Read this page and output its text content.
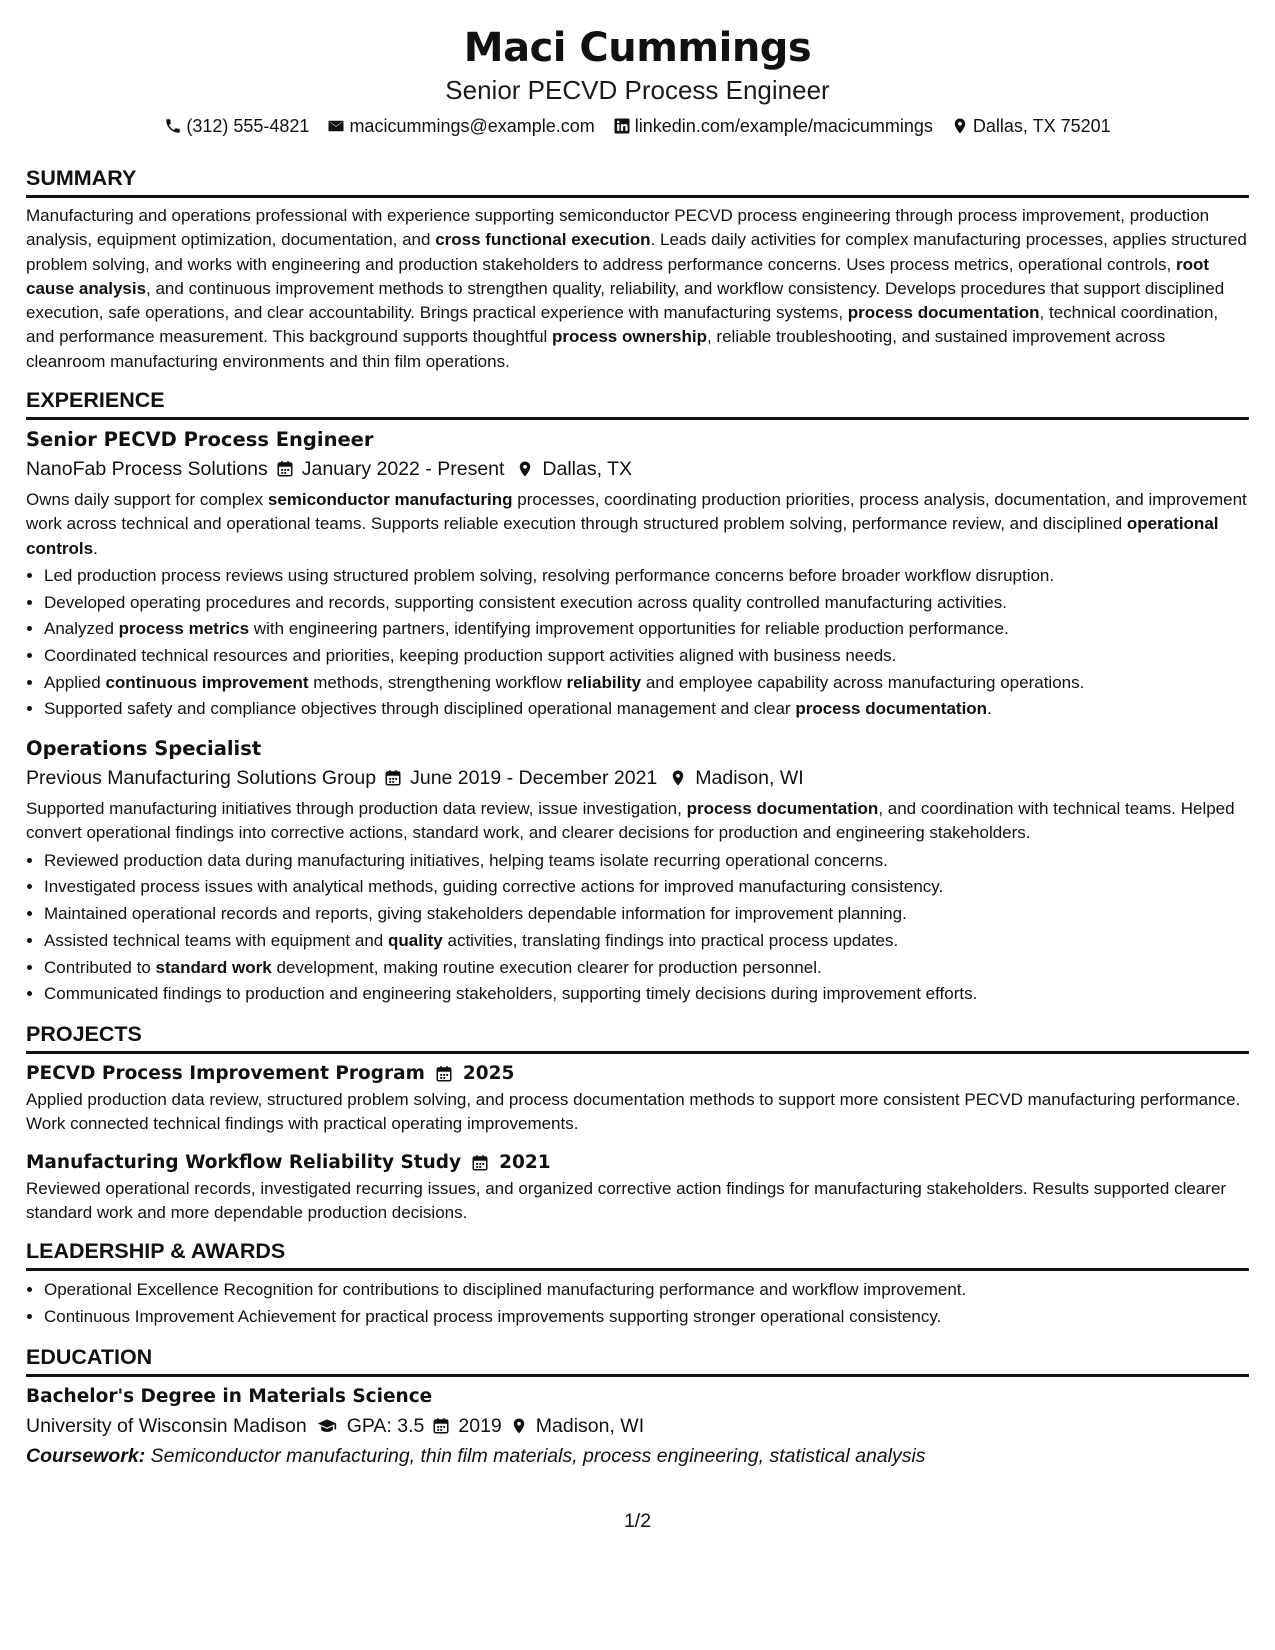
Maci Cummings
Senior PECVD Process Engineer
(312) 555-4821 macicummings@example.com linkedin.com/example/macicummings Dallas, TX 75201
SUMMARY
Manufacturing and operations professional with experience supporting semiconductor PECVD process engineering through process improvement, production analysis, equipment optimization, documentation, and cross functional execution. Leads daily activities for complex manufacturing processes, applies structured problem solving, and works with engineering and production stakeholders to address performance concerns. Uses process metrics, operational controls, root cause analysis, and continuous improvement methods to strengthen quality, reliability, and workflow consistency. Develops procedures that support disciplined execution, safe operations, and clear accountability. Brings practical experience with manufacturing systems, process documentation, technical coordination, and performance measurement. This background supports thoughtful process ownership, reliable troubleshooting, and sustained improvement across cleanroom manufacturing environments and thin film operations.
EXPERIENCE
Senior PECVD Process Engineer
NanoFab Process Solutions January 2022 - Present Dallas, TX
Owns daily support for complex semiconductor manufacturing processes, coordinating production priorities, process analysis, documentation, and improvement work across technical and operational teams. Supports reliable execution through structured problem solving, performance review, and disciplined operational controls.
• Led production process reviews using structured problem solving, resolving performance concerns before broader workflow disruption.
• Developed operating procedures and records, supporting consistent execution across quality controlled manufacturing activities.
• Analyzed process metrics with engineering partners, identifying improvement opportunities for reliable production performance.
• Coordinated technical resources and priorities, keeping production support activities aligned with business needs.
• Applied continuous improvement methods, strengthening workflow reliability and employee capability across manufacturing operations.
• Supported safety and compliance objectives through disciplined operational management and clear process documentation.
Operations Specialist
Previous Manufacturing Solutions Group June 2019 - December 2021 Madison, WI
Supported manufacturing initiatives through production data review, issue investigation, process documentation, and coordination with technical teams. Helped convert operational findings into corrective actions, standard work, and clearer decisions for production and engineering stakeholders.
• Reviewed production data during manufacturing initiatives, helping teams isolate recurring operational concerns.
• Investigated process issues with analytical methods, guiding corrective actions for improved manufacturing consistency.
• Maintained operational records and reports, giving stakeholders dependable information for improvement planning.
• Assisted technical teams with equipment and quality activities, translating findings into practical process updates.
• Contributed to standard work development, making routine execution clearer for production personnel.
• Communicated findings to production and engineering stakeholders, supporting timely decisions during improvement efforts.
PROJECTS
PECVD Process Improvement Program 2025
Applied production data review, structured problem solving, and process documentation methods to support more consistent PECVD manufacturing performance. Work connected technical findings with practical operating improvements.
Manufacturing Workflow Reliability Study 2021
Reviewed operational records, investigated recurring issues, and organized corrective action findings for manufacturing stakeholders. Results supported clearer standard work and more dependable production decisions.
LEADERSHIP & AWARDS
• Operational Excellence Recognition for contributions to disciplined manufacturing performance and workflow improvement.
• Continuous Improvement Achievement for practical process improvements supporting stronger operational consistency.
EDUCATION
Bachelor's Degree in Materials Science
University of Wisconsin Madison GPA: 3.5 2019 Madison, WI
Coursework: Semiconductor manufacturing, thin film materials, process engineering, statistical analysis
1/2
